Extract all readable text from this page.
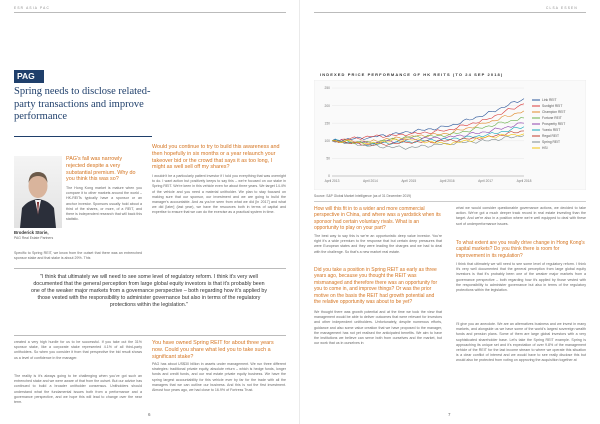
ESR ASIA PAC
PAG
Spring needs to disclose related-party transactions and improve performance
Broderick Storie,
PAG Real Estate Partners
PAG's fall was narrowly rejected despite a very substantial premium. Why do you think this was so?
The Hong Kong market is mature when you compare it to other markets around the world – HK-REITs typically have a sponsor or an anchor investor. Sponsors usually hold about a third of the shares, or more, of a REIT, and there is independent research that will back this statistic.
Specific to Spring REIT, we know from the outset that there was an entrenched sponsor stake and that stake is about 29%. This
Would you continue to try to build this awareness and then hopefully in six months or a year relaunch your takeover bid or the crowd that says it as too long, I might as well sell off my shares?
I wouldn't be a particularly patient investor if I told you everything that was overnight to do. I want action but positively keeps to say this – we're focused on our stake in Spring REIT. We're keen in this vehicle even for about three years. We target 14.4% of the vehicle and you need a material unitholder. We plan to stay focused on making sure that our sponsor, our investment and we are going to build the manager's accountable. And as you've seen from what we did [in 2017] and what we did [later] (last year), we have the resources both in terms of capital and expertise to ensure that we can do the exercise as a practical system in time.
"I think that ultimately we will need to see some level of regulatory reform. I think it's very well documented that the general perception from large global equity investors is that it's probably been one of the weaker major markets from a governance perspective – both regarding how it's applied by those vested with the responsibility to administer governance but also in terms of the regulatory protections within the legislation."
created a very high hurdle for us to be successful. If you take out the 31% sponsor stake, like a corporate stake represented 4.1% of all third-party unitholders. So when you consider it from that perspective the bid result shows us a level of confidence in the manager.
The reality is it's always going to be challenging when you've got such an entrenched stake and we were aware of that from the outset. But our advice has continued to build a broader unitholder consensus. Unitholders should understand what the fundamental issues both from a performance and a governance perspective, and we hope this will lead to change over the near term.
You have owned Spring REIT for about three years now. Could you share what led you to take such a significant stake?
PAG has about US$30 billion in assets under management. We run three different strategies: traditional private equity, absolute return – which is hedge funds, longer funds and credit funds, and our real estate private equity business. We have the spring largest accountability for this vehicle ever by far for the trade with all the managers that we can outline our business. And this is not the first investment. Almost four years ago, we had close to 16.9% of Fortress Trust.
6
CLSA ESSEN
INDEXED PRICE PERFORMANCE OF HK REITS (TO 24 SEP 2018)
0
50
100
150
200
250
April 2013	April 2014	April 2015	April 2016	April 2017	April 2018
Link REIT
Sunlight REIT
Champion REIT
Fortune REIT
Prosperity REIT
Yuexiu REIT
Regal REIT
Spring REIT
HSI
Source: S&P Global Market Intelligence (as of 31 December 2019)
How will this fit in to a wider and more commercial perspective in China, and where was a yardstick when its sponsor had certain voluntary rivals. What is an opportunity to play on your part?
The best way to say this is we're an opportunistic deep value investor. You're right it's a wide premium to the response that but certain deep pressures that were European states and they were leading the charges and we had to deal with the challenge. So that's a new market real estate.
Did you take a position in Spring REIT as early as three years ago, because you thought the REIT was mismanaged and therefore there was an opportunity for you to come in, and improve things? Or was the prior motive on the basis the REIT had growth potential and the relative opportunity was about to be yet?
We thought there was growth potential and at the time we took the view that management would be able to deliver outcomes that were relevant for investors and other independent unitholders. Unfortunately, despite numerous efforts, guidance and also some value creation that we have proposed to the manager, the management has not yet realised the anticipated benefits. We aim to have the institutions we believe can serve both from ourselves and the market, but our work that us in ourselves in
what we would consider questionable governance actions, we decided to take action. We've got a much deeper track record in real estate investing than the target. And we're also in a position where we're well equipped to deal with these sort of underperformance issues.
To what extent are you really drive change in Hong Kong's capital markets? Do you think there is room for improvement in its regulation?
I think that ultimately we will need to see some level of regulatory reform. I think it's very well documented that the general perception from large global equity investors is that it's probably been one of the weaker major markets from a governance perspective – both regarding how it's applied by those vested with the responsibility to administer governance but also in terms of the regulatory protections within the legislation.
I'll give you an anecdote. We are an alternatives business and we invest in many markets, and alongside us we have some of the world's largest sovereign wealth funds and pension plans. Some of them are large global investors with a very sophisticated shareholder base. Let's take the Spring REIT example. Spring is approaching its unique set and it's expectation of over 9.8% of the management vehicle of the REIT for the last income stream to where we operate this situation is a clear conflict of interest and we would have to see really disclose this but would also be protected from voting on approving the acquisition together at
7
